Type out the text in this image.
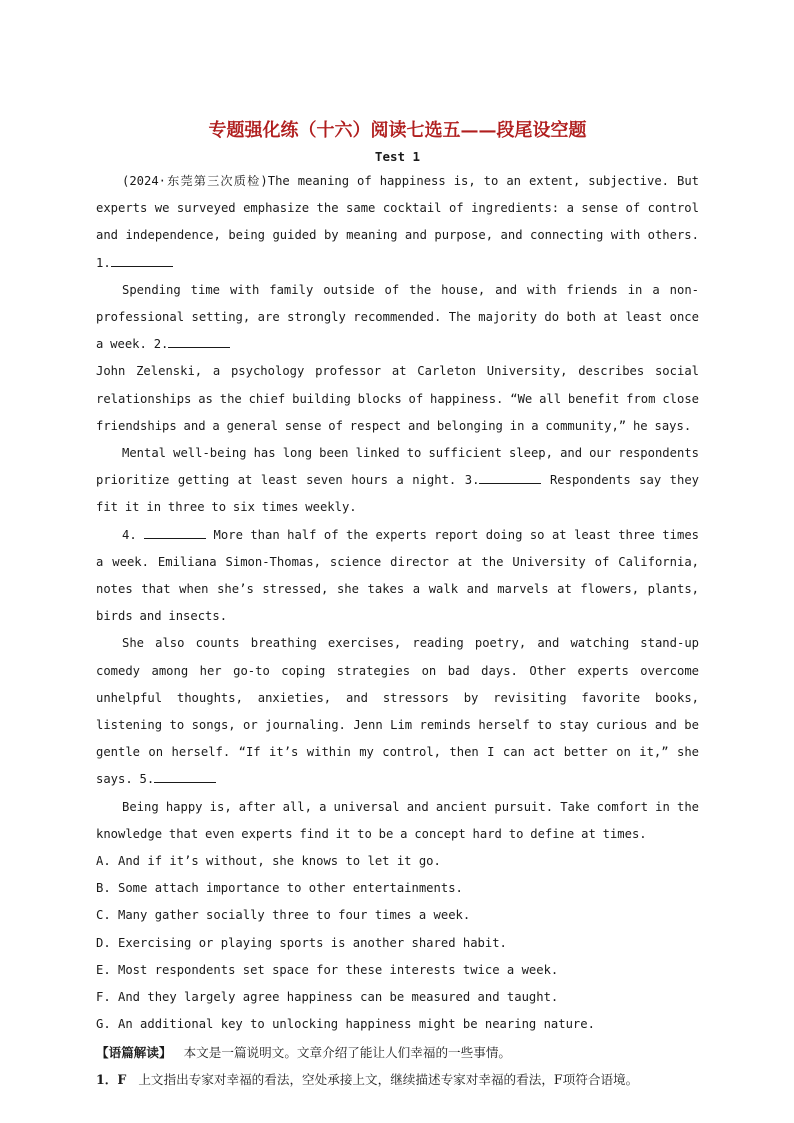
专题强化练（十六）阅读七选五——段尾设空题
Test 1

(2024·东莞第三次质检)The meaning of happiness is, to an extent, subjective. But experts we surveyed emphasize the same cocktail of ingredients: a sense of control and independence, being guided by meaning and purpose, and connecting with others. 1.

Spending time with family outside of the house, and with friends in a non-professional setting, are strongly recommended. The majority do both at least once a week. 2.

John Zelenski, a psychology professor at Carleton University, describes social relationships as the chief building blocks of happiness. “We all benefit from close friendships and a general sense of respect and belonging in a community,” he says.

Mental well-being has long been linked to sufficient sleep, and our respondents prioritize getting at least seven hours a night. 3.	Respondents say they fit it in three to six times weekly.

4.	More than half of the experts report doing so at least three times a week. Emiliana Simon-Thomas, science director at the University of California, notes that when she’s stressed, she takes a walk and marvels at flowers, plants, birds and insects.

She also counts breathing exercises, reading poetry, and watching stand-up comedy among her go-to coping strategies on bad days. Other experts overcome unhelpful thoughts, anxieties, and stressors by revisiting favorite books, listening to songs, or journaling. Jenn Lim reminds herself to stay curious and be gentle on herself. “If it’s within my control, then I can act better on it,” she says. 5.

Being happy is, after all, a universal and ancient pursuit. Take comfort in the knowledge that even experts find it to be a concept hard to define at times.

A. And if it’s without, she knows to let it go.
B. Some attach importance to other entertainments.
C. Many gather socially three to four times a week.
D. Exercising or playing sports is another shared habit.
E. Most respondents set space for these interests twice a week.
F. And they largely agree happiness can be measured and taught.
G. An additional key to unlocking happiness might be nearing nature.

【语篇解读】 本文是一篇说明文。文章介绍了能让人们幸福的一些事情。

1．F 上文指出专家对幸福的看法，空处承接上文，继续描述专家对幸福的看法，F项符合语境。
